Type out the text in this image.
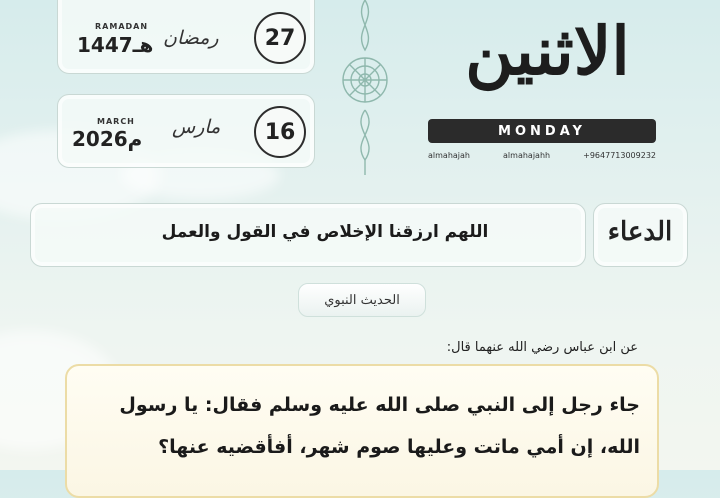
27
رمضان
RAMADAN
1447هـ
16
مارس
MARCH
2026م
الاثنين
MONDAY
almahajah	almahajahh	+9647713009232
اللهم ارزقنا الإخلاص في القول والعمل	الدعاء
الحديث النبوي
عن ابن عباس رضي الله عنهما قال:
جاء رجل إلى النبي صلى الله عليه وسلم فقال: يا رسول الله، إن أمي ماتت وعليها صوم شهر، أفأقضيه عنها؟
